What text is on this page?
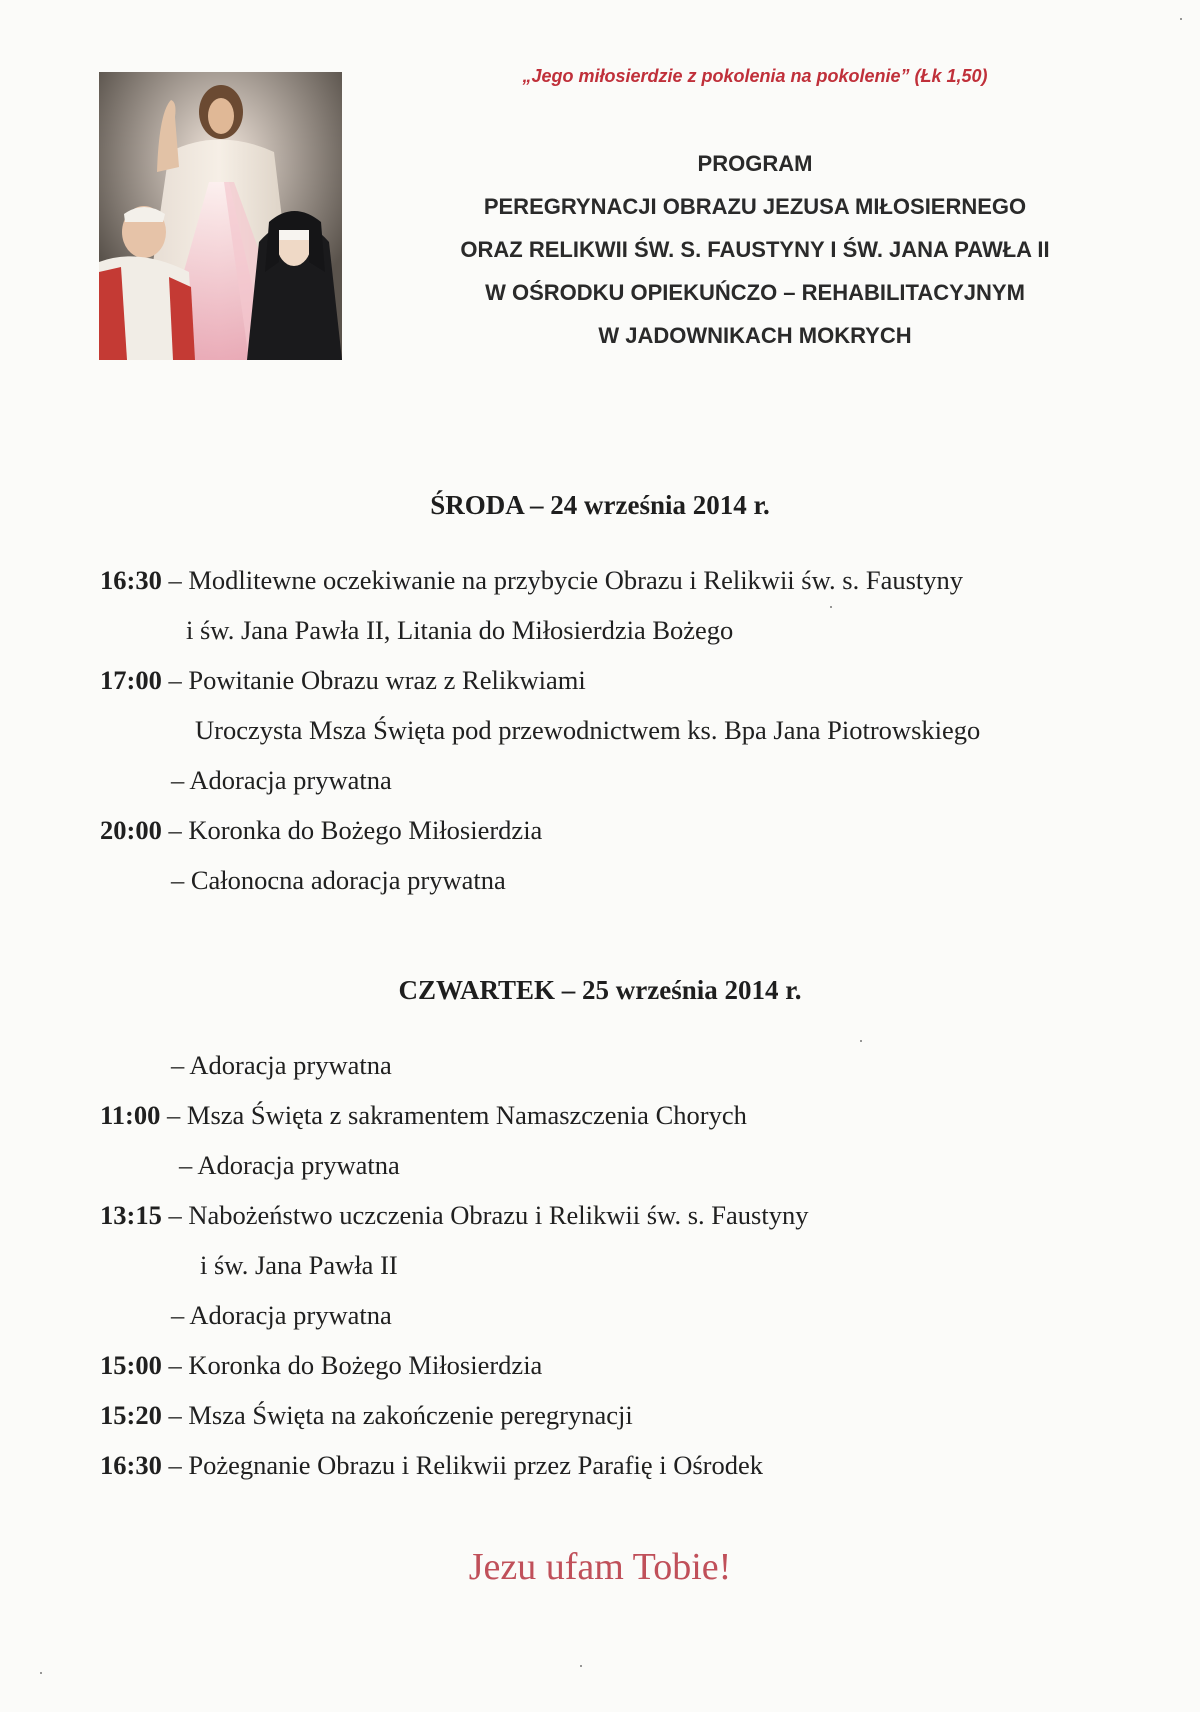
„Jego miłosierdzie z pokolenia na pokolenie” (Łk 1,50)
PROGRAM
PEREGRYNACJI OBRAZU JEZUSA MIŁOSIERNEGO
ORAZ RELIKWII ŚW. S. FAUSTYNY I ŚW. JANA PAWŁA II
W OŚRODKU OPIEKUŃCZO – REHABILITACYJNYM
W JADOWNIKACH MOKRYCH
ŚRODA – 24 września 2014 r.
16:30 – Modlitewne oczekiwanie na przybycie Obrazu i Relikwii św. s. Faustyny
i św. Jana Pawła II, Litania do Miłosierdzia Bożego
17:00 – Powitanie Obrazu wraz z Relikwiami
Uroczysta Msza Święta pod przewodnictwem ks. Bpa Jana Piotrowskiego
– Adoracja prywatna
20:00 – Koronka do Bożego Miłosierdzia
– Całonocna adoracja prywatna
CZWARTEK – 25 września 2014 r.
– Adoracja prywatna
11:00 – Msza Święta z sakramentem Namaszczenia Chorych
– Adoracja prywatna
13:15 – Nabożeństwo uczczenia Obrazu i Relikwii św. s. Faustyny
i św. Jana Pawła II
– Adoracja prywatna
15:00 – Koronka do Bożego Miłosierdzia
15:20 – Msza Święta na zakończenie peregrynacji
16:30 – Pożegnanie Obrazu i Relikwii przez Parafię i Ośrodek
Jezu ufam Tobie!
